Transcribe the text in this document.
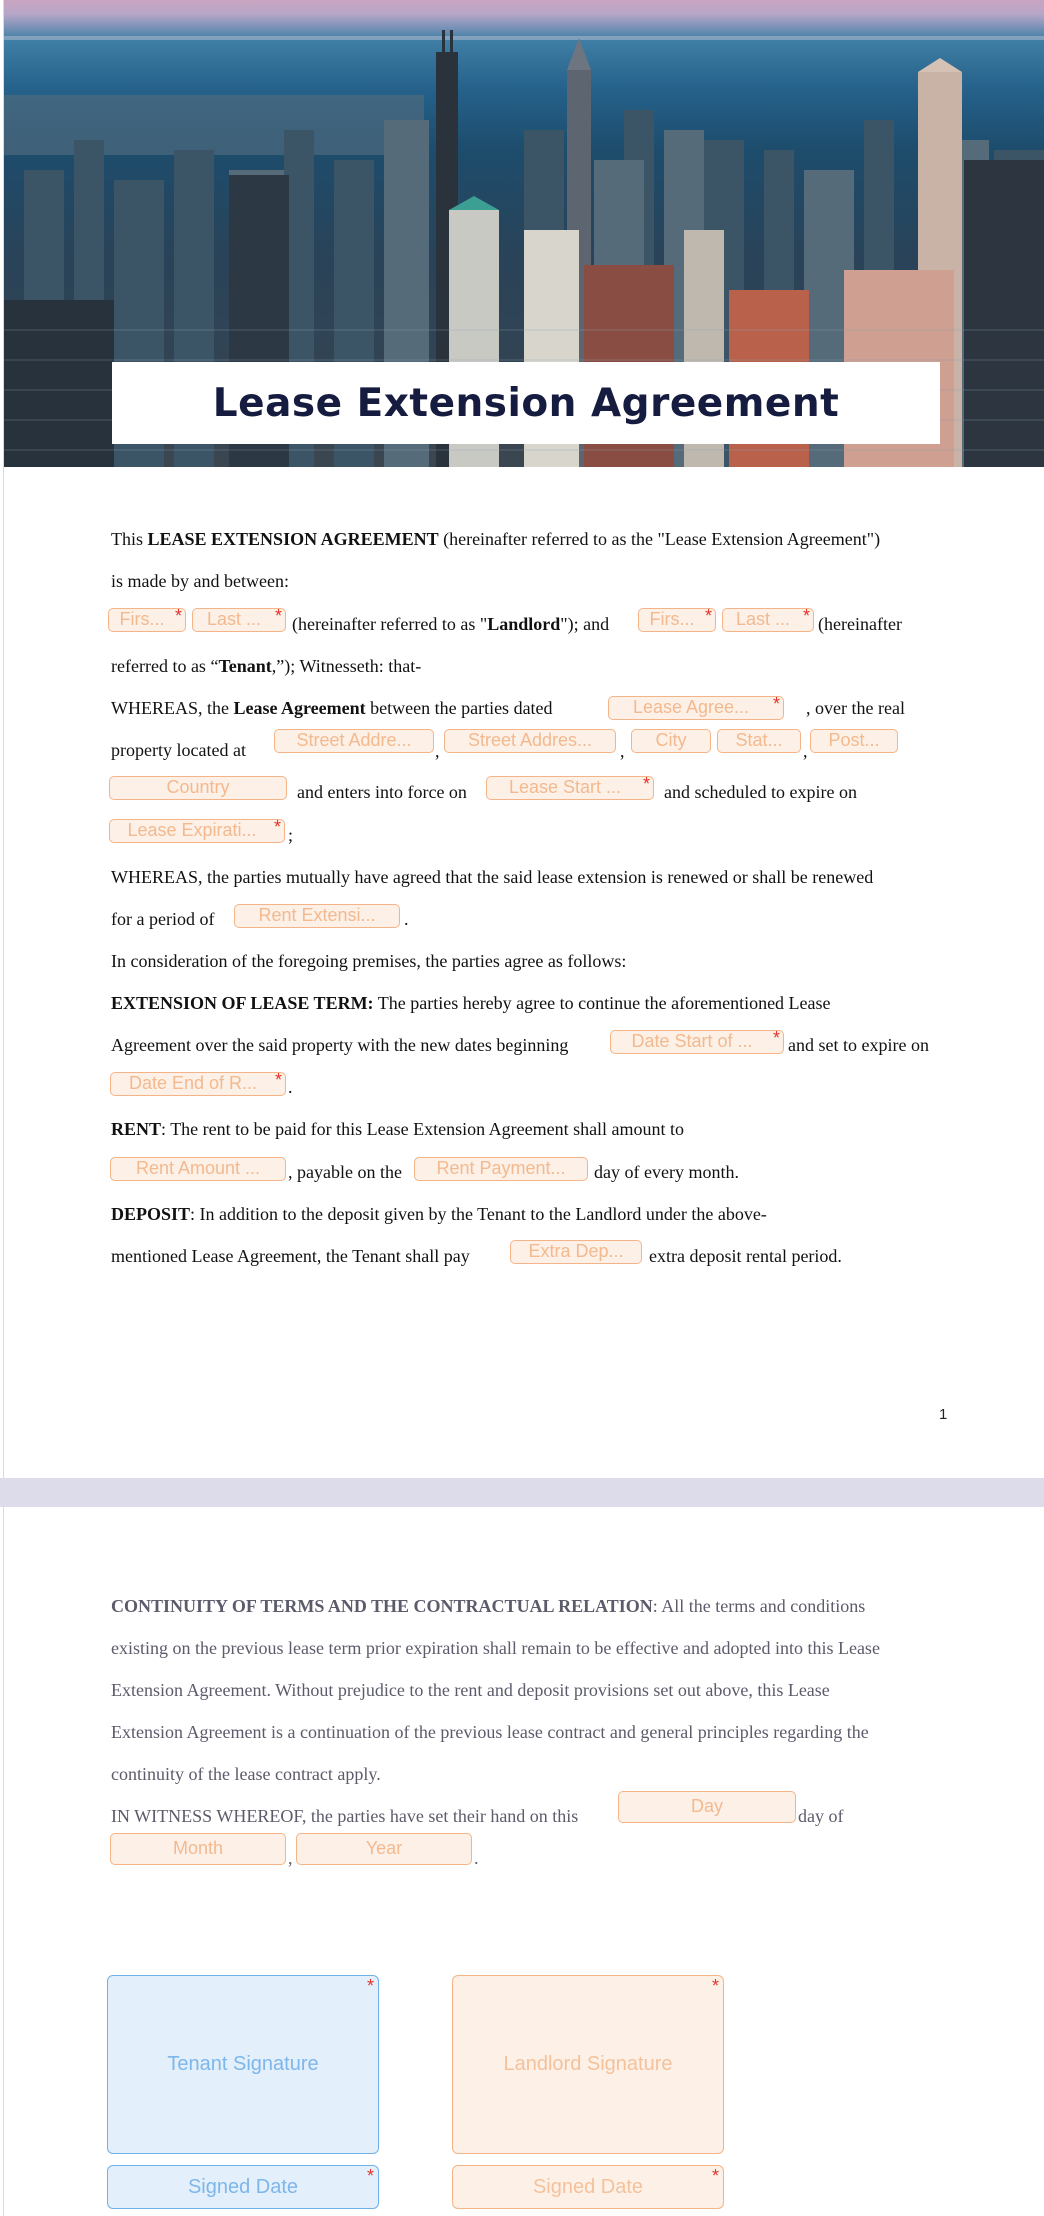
Lease Extension Agreement
This LEASE EXTENSION AGREEMENT (hereinafter referred to as the "Lease Extension Agreement")
is made by and between:
Firs... *	Last ... * (hereinafter referred to as "Landlord"); and	Firs... *	Last ... * (hereinafter
referred to as “Tenant,”); Witnesseth: that-
WHEREAS, the Lease Agreement between the parties dated	Lease Agree... * , over the real
property located at	Street Addre...
,
Street Addres...
,
City	Stat...
,
Post...
Country	and enters into force on	Lease Start ... * and scheduled to expire on
Lease Expirati... * ;
WHEREAS, the parties mutually have agreed that the said lease extension is renewed or shall be renewed
for a period of	Rent Extensi...	.
In consideration of the foregoing premises, the parties agree as follows:
EXTENSION OF LEASE TERM: The parties hereby agree to continue the aforementioned Lease
Agreement over the said property with the new dates beginning	Date Start of ... * and set to expire on
Date End of R... * .
RENT: The rent to be paid for this Lease Extension Agreement shall amount to
Rent Amount ...	, payable on the	Rent Payment...	day of every month.
DEPOSIT: In addition to the deposit given by the Tenant to the Landlord under the above-
mentioned Lease Agreement, the Tenant shall pay	Extra Dep...	extra deposit rental period.
1
CONTINUITY OF TERMS AND THE CONTRACTUAL RELATION: All the terms and conditions
existing on the previous lease term prior expiration shall remain to be effective and adopted into this Lease
Extension Agreement. Without prejudice to the rent and deposit provisions set out above, this Lease
Extension Agreement is a continuation of the previous lease contract and general principles regarding the
continuity of the lease contract apply.
IN WITNESS WHEREOF, the parties have set their hand on this	Day	day of
Month	,	Year	.
Tenant Signature
*
Landlord Signature
*
Signed Date	*	Signed Date	*
